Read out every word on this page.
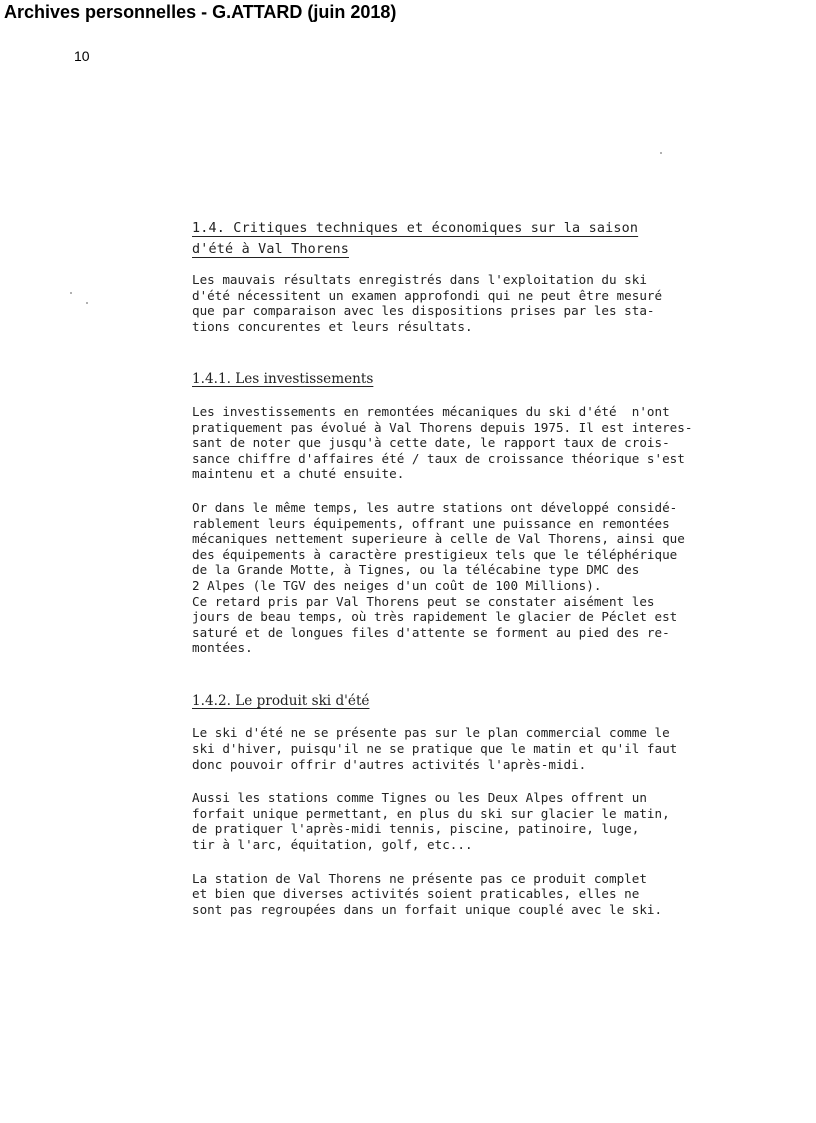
Archives personnelles - G.ATTARD (juin 2018)
10
1.4. Critiques techniques et économiques sur la saison
d'été à Val Thorens
Les mauvais résultats enregistrés dans l'exploitation du ski
d'été nécessitent un examen approfondi qui ne peut être mesuré
que par comparaison avec les dispositions prises par les sta-
tions concurentes et leurs résultats.
1.4.1. Les investissements
Les investissements en remontées mécaniques du ski d'été  n'ont
pratiquement pas évolué à Val Thorens depuis 1975. Il est interes-
sant de noter que jusqu'à cette date, le rapport taux de crois-
sance chiffre d'affaires été / taux de croissance théorique s'est
maintenu et a chuté ensuite.
Or dans le même temps, les autre stations ont développé considé-
rablement leurs équipements, offrant une puissance en remontées
mécaniques nettement superieure à celle de Val Thorens, ainsi que
des équipements à caractère prestigieux tels que le téléphérique
de la Grande Motte, à Tignes, ou la télécabine type DMC des
2 Alpes (le TGV des neiges d'un coût de 100 Millions).
Ce retard pris par Val Thorens peut se constater aisément les
jours de beau temps, où très rapidement le glacier de Péclet est
saturé et de longues files d'attente se forment au pied des re-
montées.
1.4.2. Le produit ski d'été
Le ski d'été ne se présente pas sur le plan commercial comme le
ski d'hiver, puisqu'il ne se pratique que le matin et qu'il faut
donc pouvoir offrir d'autres activités l'après-midi.
Aussi les stations comme Tignes ou les Deux Alpes offrent un
forfait unique permettant, en plus du ski sur glacier le matin,
de pratiquer l'après-midi tennis, piscine, patinoire, luge,
tir à l'arc, équitation, golf, etc...
La station de Val Thorens ne présente pas ce produit complet
et bien que diverses activités soient praticables, elles ne
sont pas regroupées dans un forfait unique couplé avec le ski.
